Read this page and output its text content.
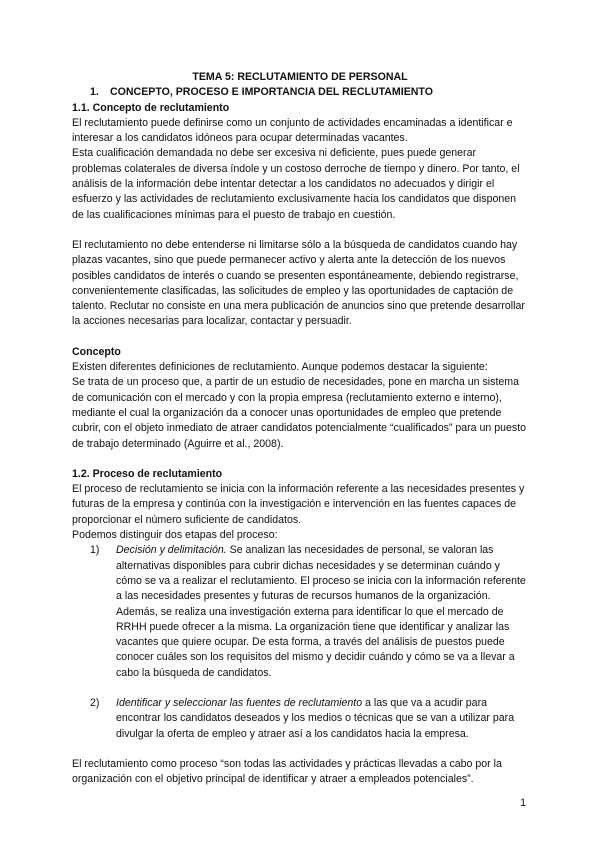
TEMA 5: RECLUTAMIENTO DE PERSONAL

1. CONCEPTO, PROCESO E IMPORTANCIA DEL RECLUTAMIENTO

1.1. Concepto de reclutamiento

El reclutamiento puede definirse como un conjunto de actividades encaminadas a identificar e interesar a los candidatos idóneos para ocupar determinadas vacantes.

Esta cualificación demandada no debe ser excesiva ni deficiente, pues puede generar problemas colaterales de diversa índole y un costoso derroche de tiempo y dinero. Por tanto, el análisis de la información debe intentar detectar a los candidatos no adecuados y dirigir el esfuerzo y las actividades de reclutamiento exclusivamente hacia los candidatos que disponen de las cualificaciones mínimas para el puesto de trabajo en cuestión.

El reclutamiento no debe entenderse ni limitarse sólo a la búsqueda de candidatos cuando hay plazas vacantes, sino que puede permanecer activo y alerta ante la detección de los nuevos posibles candidatos de interés o cuando se presenten espontáneamente, debiendo registrarse, convenientemente clasificadas, las solicitudes de empleo y las oportunidades de captación de talento. Reclutar no consiste en una mera publicación de anuncios sino que pretende desarrollar la acciones necesarias para localizar, contactar y persuadir.

Concepto

Existen diferentes definiciones de reclutamiento. Aunque podemos destacar la siguiente:

Se trata de un proceso que, a partir de un estudio de necesidades, pone en marcha un sistema de comunicación con el mercado y con la propia empresa (reclutamiento externo e interno), mediante el cual la organización da a conocer unas oportunidades de empleo que pretende cubrir, con el objeto inmediato de atraer candidatos potencialmente “cualificados” para un puesto de trabajo determinado (Aguirre et al., 2008).

1.2. Proceso de reclutamiento

El proceso de reclutamiento se inicia con la información referente a las necesidades presentes y futuras de la empresa y continúa con la investigación e intervención en las fuentes capaces de proporcionar el número suficiente de candidatos.

Podemos distinguir dos etapas del proceso:

1)	Decisión y delimitación. Se analizan las necesidades de personal, se valoran las alternativas disponibles para cubrir dichas necesidades y se determinan cuándo y cómo se va a realizar el reclutamiento. El proceso se inicia con la información referente a las necesidades presentes y futuras de recursos humanos de la organización. Además, se realiza una investigación externa para identificar lo que el mercado de RRHH puede ofrecer a la misma. La organización tiene que identificar y analizar las vacantes que quiere ocupar. De esta forma, a través del análisis de puestos puede conocer cuáles son los requisitos del mismo y decidir cuándo y cómo se va a llevar a cabo la búsqueda de candidatos.
2)	Identificar y seleccionar las fuentes de reclutamiento a las que va a acudir para encontrar los candidatos deseados y los medios o técnicas que se van a utilizar para divulgar la oferta de empleo y atraer así a los candidatos hacia la empresa.

El reclutamiento como proceso “son todas las actividades y prácticas llevadas a cabo por la organización con el objetivo principal de identificar y atraer a empleados potenciales”.

1
